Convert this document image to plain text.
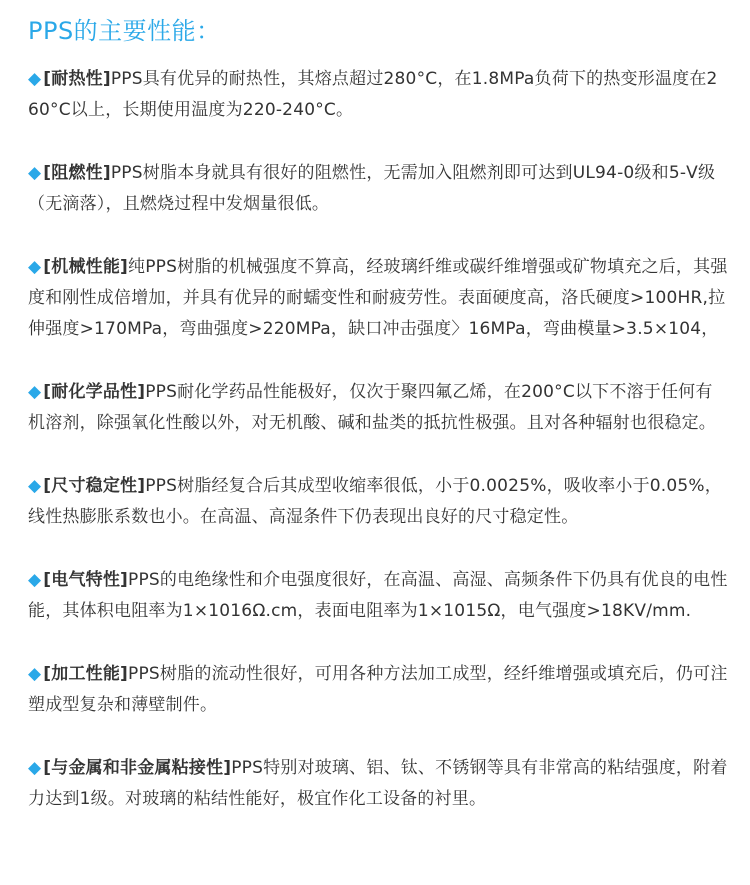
PPS的主要性能：
◆ [耐热性]PPS具有优异的耐热性，其熔点超过280°C，在1.8MPa负荷下的热变形温度在260°C以上，长期使用温度为220-240°C。
◆ [阻燃性]PPS树脂本身就具有很好的阻燃性，无需加入阻燃剂即可达到UL94-0级和5-V级（无滴落），且燃烧过程中发烟量很低。
◆ [机械性能]纯PPS树脂的机械强度不算高，经玻璃纤维或碳纤维增强或矿物填充之后，其强度和刚性成倍增加，并具有优异的耐蠕变性和耐疲劳性。表面硬度高，洛氏硬度>100HR,拉伸强度>170MPa，弯曲强度>220MPa，缺口冲击强度〉16MPa，弯曲模量>3.5×104，
◆ [耐化学品性]PPS耐化学药品性能极好，仅次于聚四氟乙烯，在200°C以下不溶于任何有机溶剂，除强氧化性酸以外，对无机酸、碱和盐类的抵抗性极强。且对各种辐射也很稳定。
◆ [尺寸稳定性]PPS树脂经复合后其成型收缩率很低，小于0.0025%，吸收率小于0.05%，线性热膨胀系数也小。在高温、高湿条件下仍表现出良好的尺寸稳定性。
◆ [电气特性]PPS的电绝缘性和介电强度很好，在高温、高湿、高频条件下仍具有优良的电性能，其体积电阻率为1×1016Ω.cm，表面电阻率为1×1015Ω，电气强度>18KV/mm.
◆ [加工性能]PPS树脂的流动性很好，可用各种方法加工成型，经纤维增强或填充后，仍可注塑成型复杂和薄壁制件。
◆ [与金属和非金属粘接性]PPS特别对玻璃、铝、钛、不锈钢等具有非常高的粘结强度，附着力达到1级。对玻璃的粘结性能好，极宜作化工设备的衬里。
